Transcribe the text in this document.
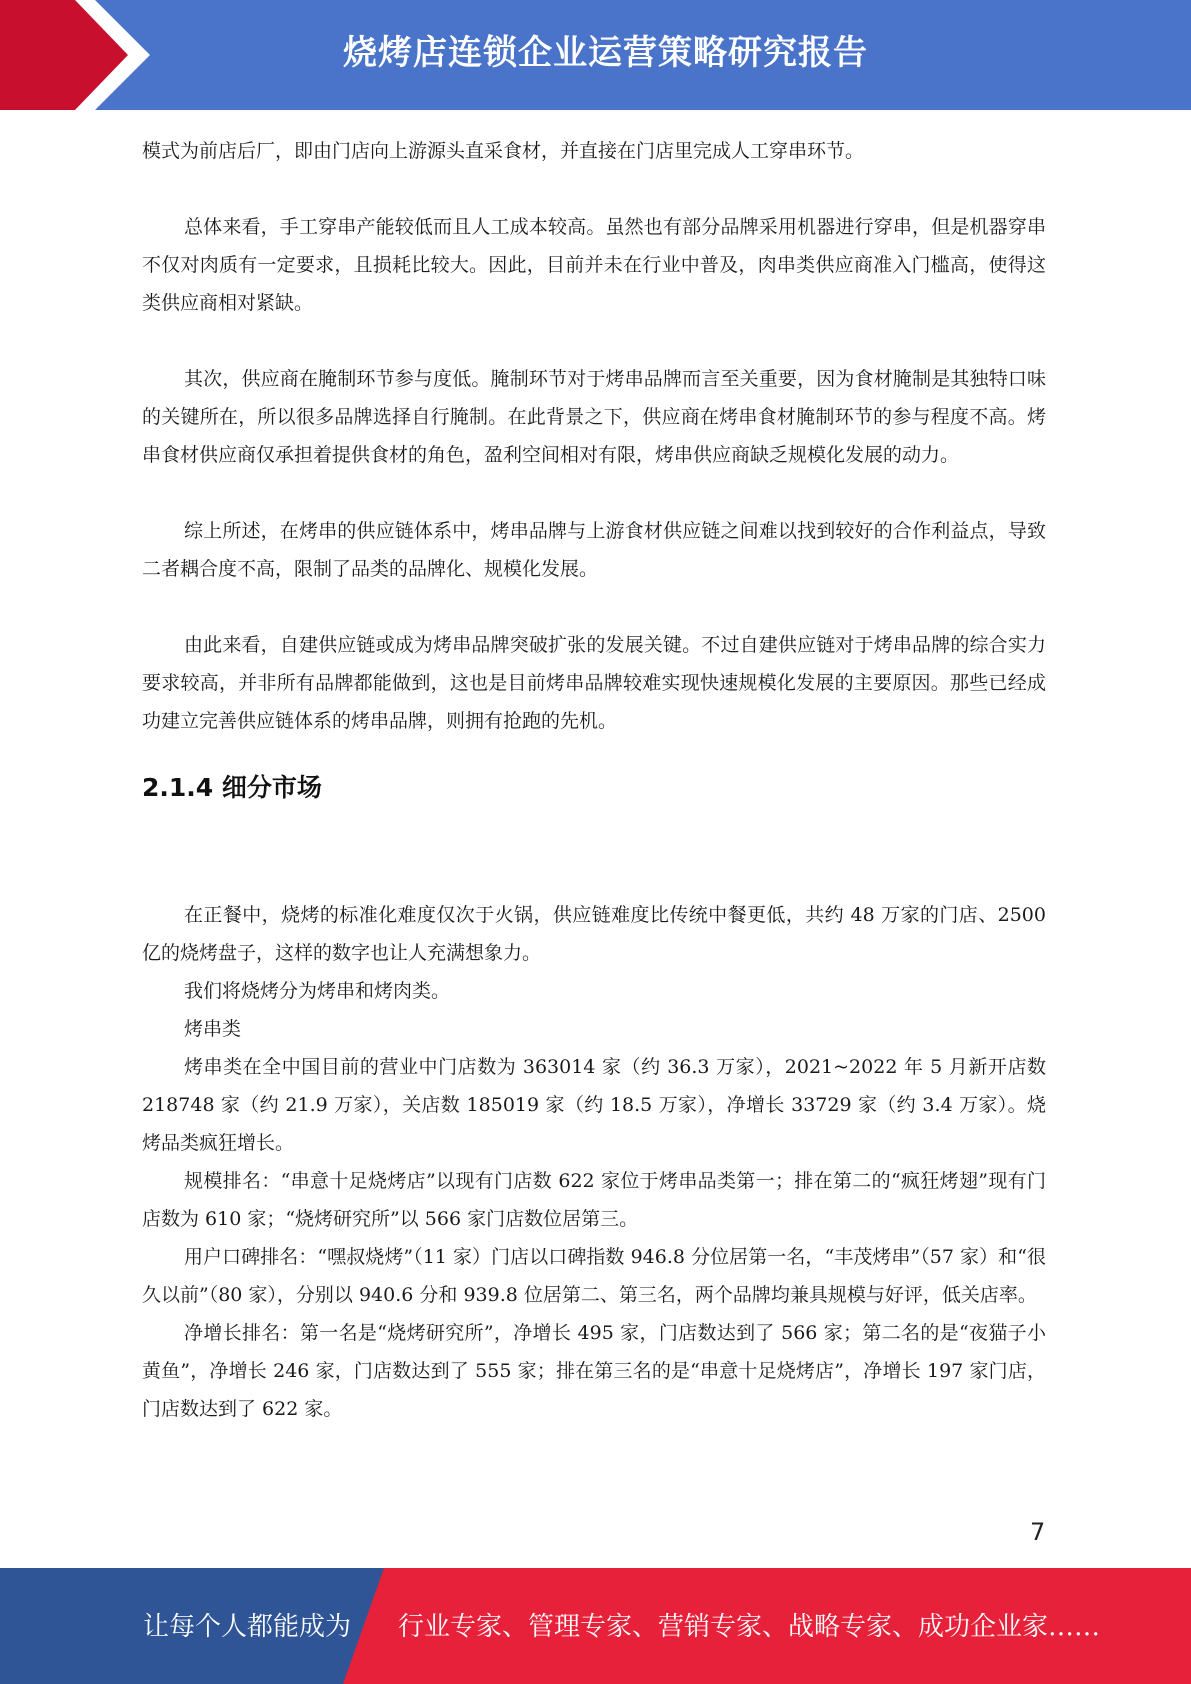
烧烤店连锁企业运营策略研究报告

模式为前店后厂，即由门店向上游源头直采食材，并直接在门店里完成人工穿串环节。

总体来看，手工穿串产能较低而且人工成本较高。虽然也有部分品牌采用机器进行穿串，但是机器穿串不仅对肉质有一定要求，且损耗比较大。因此，目前并未在行业中普及，肉串类供应商准入门槛高，使得这类供应商相对紧缺。

其次，供应商在腌制环节参与度低。腌制环节对于烤串品牌而言至关重要，因为食材腌制是其独特口味的关键所在，所以很多品牌选择自行腌制。在此背景之下，供应商在烤串食材腌制环节的参与程度不高。烤串食材供应商仅承担着提供食材的角色，盈利空间相对有限，烤串供应商缺乏规模化发展的动力。

综上所述，在烤串的供应链体系中，烤串品牌与上游食材供应链之间难以找到较好的合作利益点，导致二者耦合度不高，限制了品类的品牌化、规模化发展。

由此来看，自建供应链或成为烤串品牌突破扩张的发展关键。不过自建供应链对于烤串品牌的综合实力要求较高，并非所有品牌都能做到，这也是目前烤串品牌较难实现快速规模化发展的主要原因。那些已经成功建立完善供应链体系的烤串品牌，则拥有抢跑的先机。

2.1.4 细分市场

在正餐中，烧烤的标准化难度仅次于火锅，供应链难度比传统中餐更低，共约 48 万家的门店、2500 亿的烧烤盘子，这样的数字也让人充满想象力。

我们将烧烤分为烤串和烤肉类。

烤串类

烤串类在全中国目前的营业中门店数为 363014 家（约 36.3 万家），2021~2022 年 5 月新开店数 218748 家（约 21.9 万家），关店数 185019 家（约 18.5 万家），净增长 33729 家（约 3.4 万家）。烧烤品类疯狂增长。

规模排名：“串意十足烧烤店”以现有门店数 622 家位于烤串品类第一；排在第二的“疯狂烤翅”现有门店数为 610 家；“烧烤研究所”以 566 家门店数位居第三。

用户口碑排名：“嘿叔烧烤”（11 家）门店以口碑指数 946.8 分位居第一名，“丰茂烤串”（57 家）和“很久以前”（80 家），分别以 940.6 分和 939.8 位居第二、第三名，两个品牌均兼具规模与好评，低关店率。

净增长排名：第一名是“烧烤研究所”，净增长 495 家，门店数达到了 566 家；第二名的是“夜猫子小黄鱼”，净增长 246 家，门店数达到了 555 家；排在第三名的是“串意十足烧烤店”，净增长 197 家门店，门店数达到了 622 家。

7
让每个人都能成为 行业专家、管理专家、营销专家、战略专家、成功企业家……
